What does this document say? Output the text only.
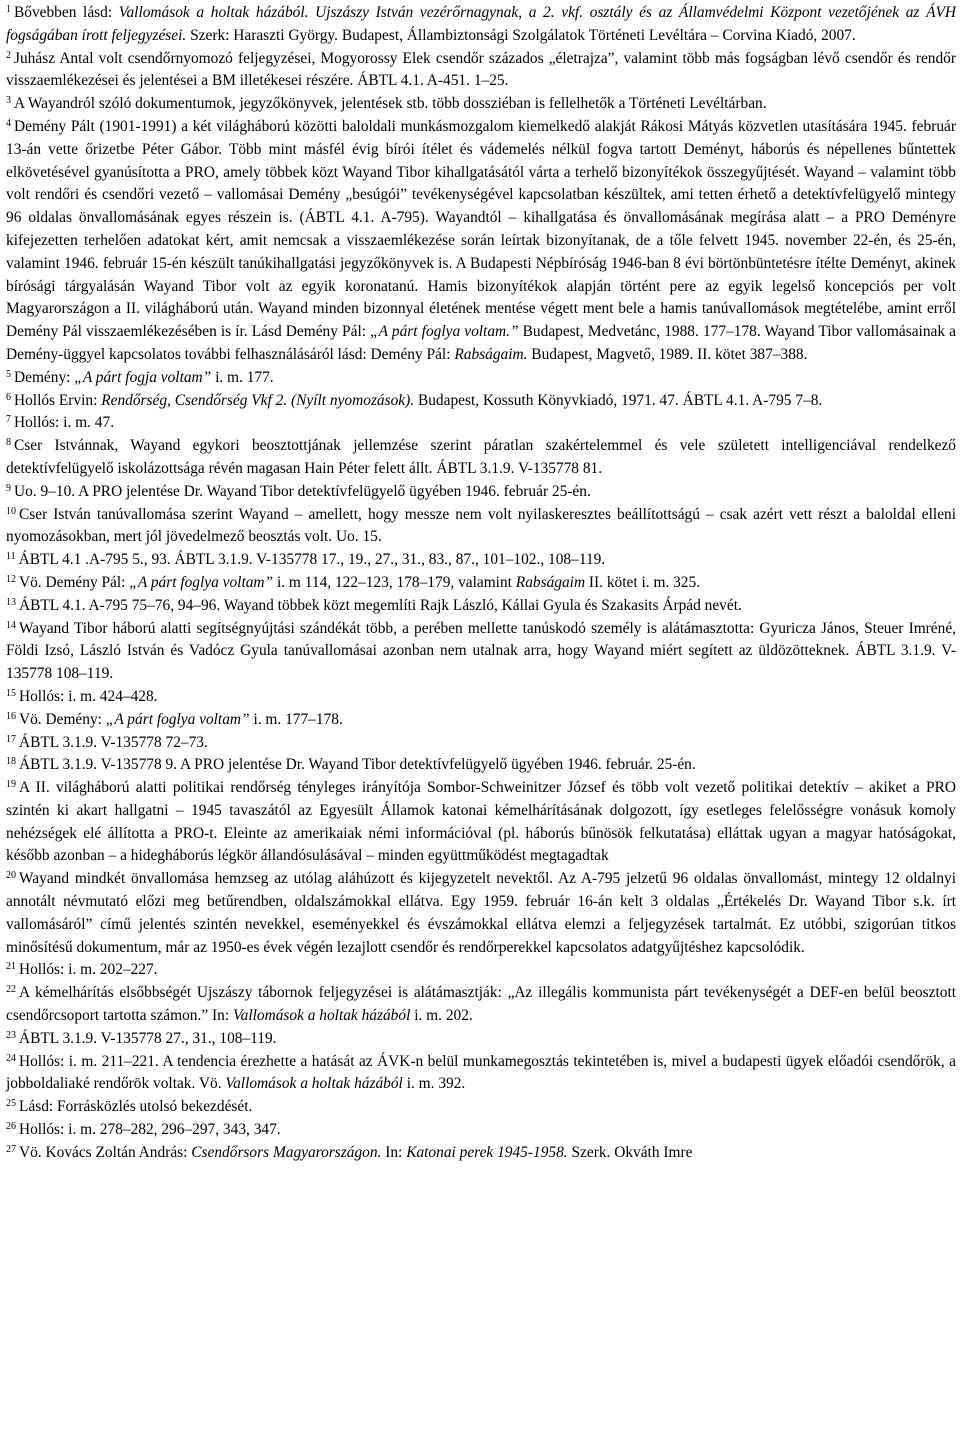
$^1$ Bővebben lásd: Vallomások a holtak házából. Ujszászy István vezérőrnagynak, a 2. vkf. osztály és az Államvédelmi Központ vezetőjének az ÁVH fogságában írott feljegyzései. Szerk: Haraszti György. Budapest, Állambiztonsági Szolgálatok Történeti Levéltára – Corvina Kiadó, 2007.

$^2$ Juhász Antal volt csendőrnyomozó feljegyzései, Mogyorossy Elek csendőr százados „életrajza”, valamint több más fogságban lévő csendőr és rendőr visszaemlékezései és jelentései a BM illetékesei részére. ÁBTL 4.1. A-451. 1–25.

$^3$ A Wayandról szóló dokumentumok, jegyzőkönyvek, jelentések stb. több dossziéban is fellelhetők a Történeti Levéltárban.

$^4$ Demény Pált (1901-1991) a két világháború közötti baloldali munkásmozgalom kiemelkedő alakját Rákosi Mátyás közvetlen utasítására 1945. február 13-án vette őrizetbe Péter Gábor. Több mint másfél évig bírói ítélet és vádemelés nélkül fogva tartott Deményt, háborús és népellenes bűntettek elkövetésével gyanúsította a PRO, amely többek közt Wayand Tibor kihallgatásától várta a terhelő bizonyítékok összegyűjtését. Wayand – valamint több volt rendőri és csendőri vezető – vallomásai Demény „besúgói” tevékenységével kapcsolatban készültek, ami tetten érhető a detektívfelügyelő mintegy 96 oldalas önvallomásának egyes részein is. (ÁBTL 4.1. A-795). Wayandtól – kihallgatása és önvallomásának megírása alatt – a PRO Deményre kifejezetten terhelően adatokat kért, amit nemcsak a visszaemlékezése során leírtak bizonyítanak, de a tőle felvett 1945. november 22-én, és 25-én, valamint 1946. február 15-én készült tanúkihallgatási jegyzőkönyvek is. A Budapesti Népbíróság 1946-ban 8 évi börtönbüntetésre ítélte Deményt, akinek bírósági tárgyalásán Wayand Tibor volt az egyik koronatanú. Hamis bizonyítékok alapján történt pere az egyik legelső koncepciós per volt Magyarországon a II. világháború után. Wayand minden bizonnyal életének mentése végett ment bele a hamis tanúvallomások megtételébe, amint erről Demény Pál visszaemlékezésében is ír. Lásd Demény Pál: „A párt foglya voltam.” Budapest, Medvetánc, 1988. 177–178. Wayand Tibor vallomásainak a Demény-üggyel kapcsolatos további felhasználásáról lásd: Demény Pál: Rabságaim. Budapest, Magvető, 1989. II. kötet 387–388.

$^5$ Demény: „A párt fogja voltam” i. m. 177.

$^6$ Hollós Ervin: Rendőrség, Csendőrség Vkf 2. (Nyílt nyomozások). Budapest, Kossuth Könyvkiadó, 1971. 47. ÁBTL 4.1. A-795 7–8.

$^7$ Hollós: i. m. 47.

$^8$ Cser Istvánnak, Wayand egykori beosztottjának jellemzése szerint páratlan szakértelemmel és vele született intelligenciával rendelkező detektívfelügyelő iskolázottsága révén magasan Hain Péter felett állt. ÁBTL 3.1.9. V-135778 81.

$^9$ Uo. 9–10. A PRO jelentése Dr. Wayand Tibor detektívfelügyelő ügyében 1946. február 25-én.

$^{10}$ Cser István tanúvallomása szerint Wayand – amellett, hogy messze nem volt nyilaskeresztes beállítottságú – csak azért vett részt a baloldal elleni nyomozásokban, mert jól jövedelmező beosztás volt. Uo. 15.

$^{11}$ ÁBTL 4.1 .A-795 5., 93. ÁBTL 3.1.9. V-135778 17., 19., 27., 31., 83., 87., 101–102., 108–119.

$^{12}$ Vö. Demény Pál: „A párt foglya voltam” i. m 114, 122–123, 178–179, valamint Rabságaim II. kötet i. m. 325.

$^{13}$ ÁBTL 4.1. A-795 75–76, 94–96. Wayand többek közt megemlíti Rajk László, Kállai Gyula és Szakasits Árpád nevét.

$^{14}$ Wayand Tibor háború alatti segítségnyújtási szándékát több, a perében mellette tanúskodó személy is alátámasztotta: Gyuricza János, Steuer Imréné, Földi Izsó, László István és Vadócz Gyula tanúvallomásai azonban nem utalnak arra, hogy Wayand miért segített az üldözötteknek. ÁBTL 3.1.9. V-135778 108–119.

$^{15}$ Hollós: i. m. 424–428.

$^{16}$ Vö. Demény: „A párt foglya voltam” i. m. 177–178.

$^{17}$ ÁBTL 3.1.9. V-135778 72–73.

$^{18}$ ÁBTL 3.1.9. V-135778 9. A PRO jelentése Dr. Wayand Tibor detektívfelügyelő ügyében 1946. február. 25-én.

$^{19}$ A II. világháború alatti politikai rendőrség tényleges irányítója Sombor-Schweinitzer József és több volt vezető politikai detektív – akiket a PRO szintén ki akart hallgatni – 1945 tavaszától az Egyesült Államok katonai kémelhárításának dolgozott, így esetleges felelősségre vonásuk komoly nehézségek elé állította a PRO-t. Eleinte az amerikaiak némi információval (pl. háborús bűnösök felkutatása) elláttak ugyan a magyar hatóságokat, később azonban – a hidegháborús légkör állandósulásával – minden együttműködést megtagadtak

$^{20}$ Wayand mindkét önvallomása hemzseg az utólag aláhúzott és kijegyzetelt nevektől. Az A-795 jelzetű 96 oldalas önvallomást, mintegy 12 oldalnyi annotált névmutató előzi meg betűrendben, oldalszámokkal ellátva. Egy 1959. február 16-án kelt 3 oldalas „Értékelés Dr. Wayand Tibor s.k. írt vallomásáról” című jelentés szintén nevekkel, eseményekkel és évszámokkal ellátva elemzi a feljegyzések tartalmát. Ez utóbbi, szigorúan titkos minősítésű dokumentum, már az 1950-es évek végén lezajlott csendőr és rendőrperekkel kapcsolatos adatgyűjtéshez kapcsolódik.

$^{21}$ Hollós: i. m. 202–227.

$^{22}$ A kémelhárítás elsőbbségét Ujszászy tábornok feljegyzései is alátámasztják: „Az illegális kommunista párt tevékenységét a DEF-en belül beosztott csendőrcsoport tartotta számon.” In: Vallomások a holtak házából i. m. 202.

$^{23}$ ÁBTL 3.1.9. V-135778 27., 31., 108–119.

$^{24}$ Hollós: i. m. 211–221. A tendencia érezhette a hatását az ÁVK-n belül munkamegosztás tekintetében is, mivel a budapesti ügyek előadói csendőrök, a jobboldaliaké rendőrök voltak. Vö. Vallomások a holtak házából i. m. 392.

$^{25}$ Lásd: Forrásközlés utolsó bekezdését.

$^{26}$ Hollós: i. m. 278–282, 296–297, 343, 347.

$^{27}$ Vö. Kovács Zoltán András: Csendőrsors Magyarországon. In: Katonai perek 1945-1958. Szerk. Okváth Imre
